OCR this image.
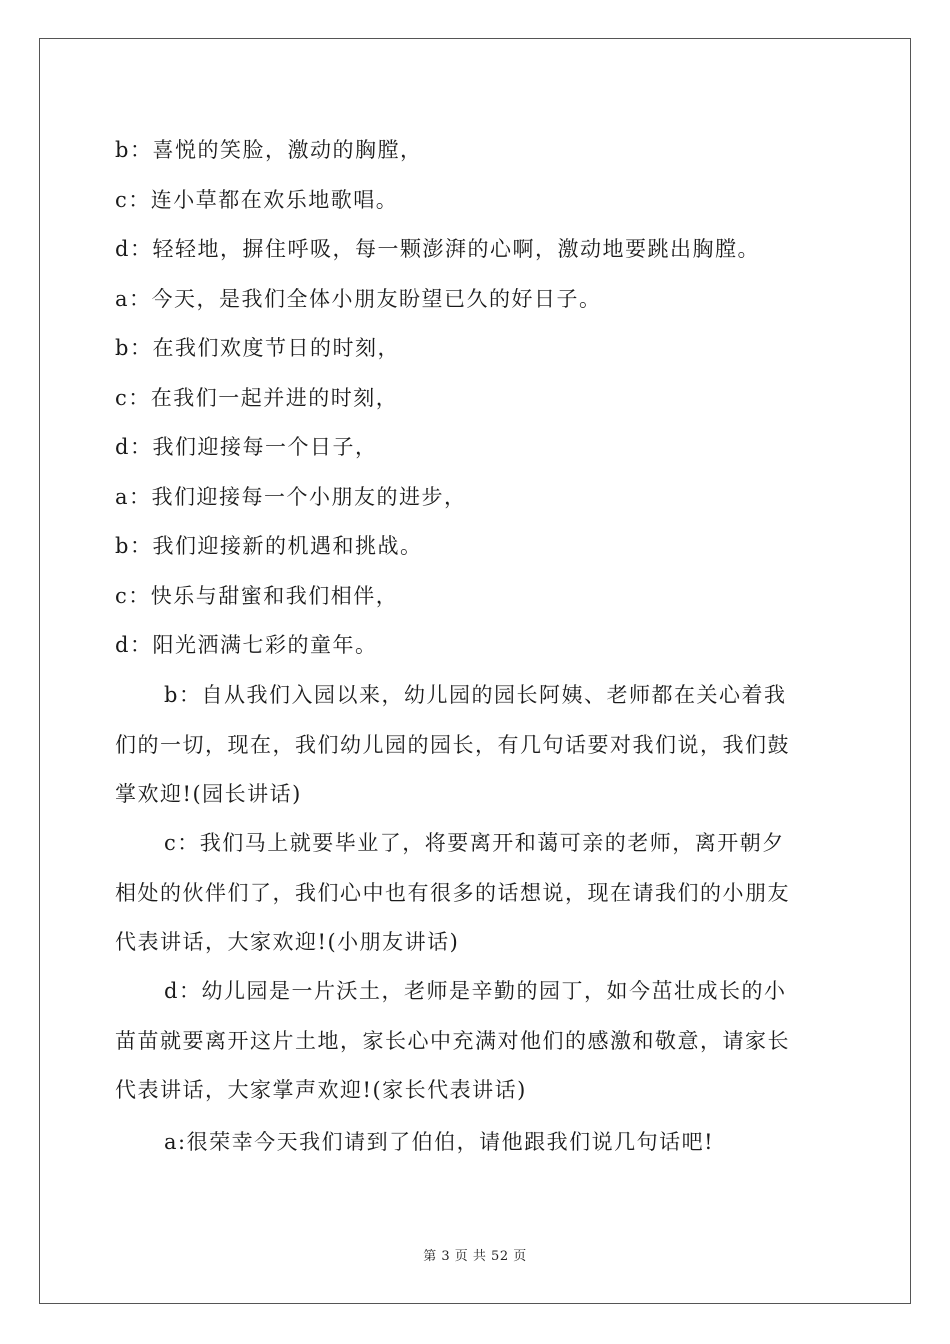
b：喜悦的笑脸，激动的胸膛，
c：连小草都在欢乐地歌唱。
d：轻轻地，摒住呼吸，每一颗澎湃的心啊，激动地要跳出胸膛。
a：今天，是我们全体小朋友盼望已久的好日子。
b：在我们欢度节日的时刻，
c：在我们一起并进的时刻，
d：我们迎接每一个日子，
a：我们迎接每一个小朋友的进步，
b：我们迎接新的机遇和挑战。
c：快乐与甜蜜和我们相伴，
d：阳光洒满七彩的童年。
b：自从我们入园以来，幼儿园的园长阿姨、老师都在关心着我
们的一切，现在，我们幼儿园的园长，有几句话要对我们说，我们鼓
掌欢迎!(园长讲话)
c：我们马上就要毕业了，将要离开和蔼可亲的老师，离开朝夕
相处的伙伴们了，我们心中也有很多的话想说，现在请我们的小朋友
代表讲话，大家欢迎!(小朋友讲话)
d：幼儿园是一片沃土，老师是辛勤的园丁，如今茁壮成长的小
苗苗就要离开这片土地，家长心中充满对他们的感激和敬意，请家长
代表讲话，大家掌声欢迎!(家长代表讲话)
a:很荣幸今天我们请到了伯伯，请他跟我们说几句话吧!
第 3 页 共 52 页
